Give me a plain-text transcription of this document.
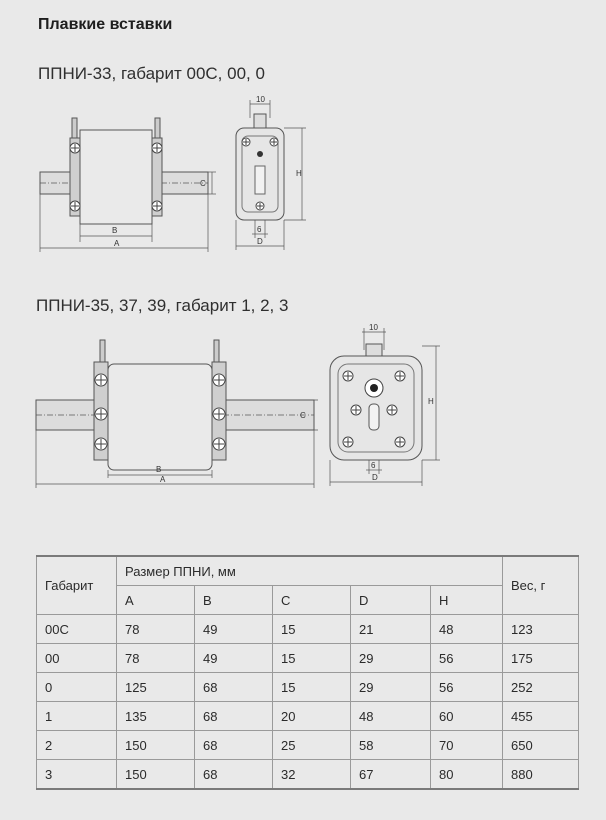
Плавкие вставки
ППНИ-33, габарит 00С, 00, 0
C
B
A
10
H
6
D
ППНИ-35, 37, 39, габарит 1, 2, 3
C
B
A
10
H
6
D
Габарит	Размер ППНИ, мм					Вес, г
	A	B	C	D	H	
00C	78	49	15	21	48	123
00	78	49	15	29	56	175
0	125	68	15	29	56	252
1	135	68	20	48	60	455
2	150	68	25	58	70	650
3	150	68	32	67	80	880
